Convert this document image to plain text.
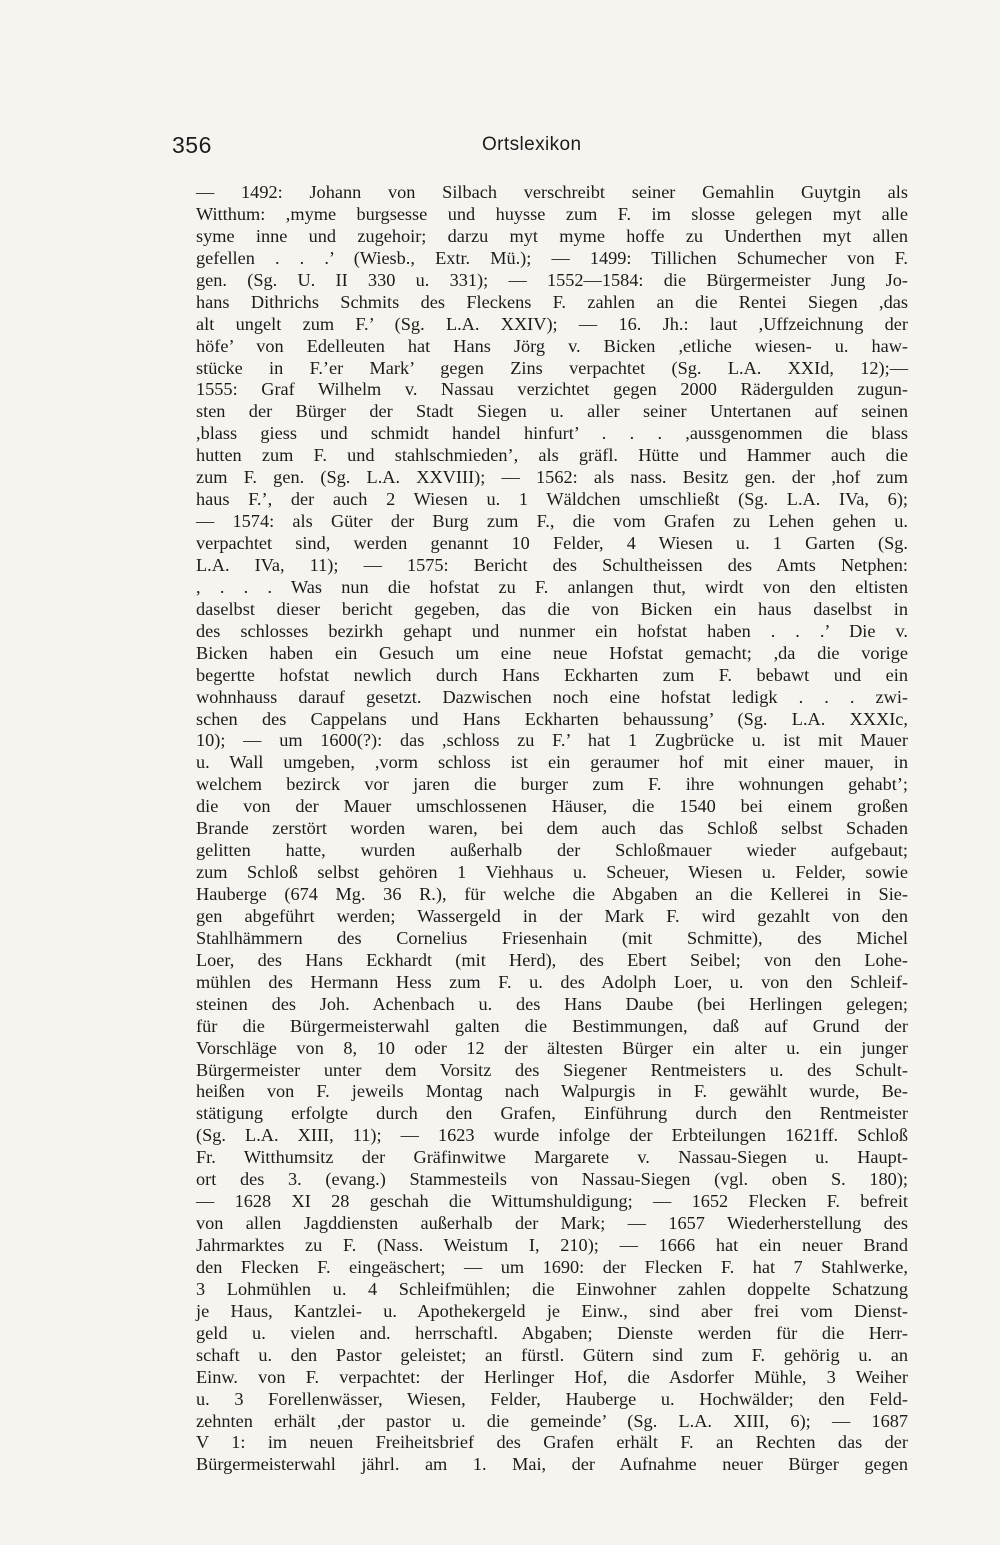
356	Ortslexikon
— 1492: Johann von Silbach verschreibt seiner Gemahlin Guytgin als
Witthum: ,myme burgsesse und huysse zum F. im slosse gelegen myt alle
syme inne und zugehoir; darzu myt myme hoffe zu Underthen myt allen
gefellen . . .’ (Wiesb., Extr. Mü.); — 1499: Tillichen Schumecher von F.
gen. (Sg. U. II 330 u. 331); — 1552—1584: die Bürgermeister Jung Jo-
hans Dithrichs Schmits des Fleckens F. zahlen an die Rentei Siegen ,das
alt ungelt zum F.’ (Sg. L.A. XXIV); — 16. Jh.: laut ,Uffzeichnung der
höfe’ von Edelleuten hat Hans Jörg v. Bicken ,etliche wiesen- u. haw-
stücke in F.’er Mark’ gegen Zins verpachtet (Sg. L.A. XXId, 12);—
1555: Graf Wilhelm v. Nassau verzichtet gegen 2000 Rädergulden zugun-
sten der Bürger der Stadt Siegen u. aller seiner Untertanen auf seinen
,blass giess und schmidt handel hinfurt’ . . . ,aussgenommen die blass
hutten zum F. und stahlschmieden’, als gräfl. Hütte und Hammer auch die
zum F. gen. (Sg. L.A. XXVIII); — 1562: als nass. Besitz gen. der ,hof zum
haus F.’, der auch 2 Wiesen u. 1 Wäldchen umschließt (Sg. L.A. IVa, 6);
— 1574: als Güter der Burg zum F., die vom Grafen zu Lehen gehen u.
verpachtet sind, werden genannt 10 Felder, 4 Wiesen u. 1 Garten (Sg.
L.A. IVa, 11); — 1575: Bericht des Schultheissen des Amts Netphen:
, . . . Was nun die hofstat zu F. anlangen thut, wirdt von den eltisten
daselbst dieser bericht gegeben, das die von Bicken ein haus daselbst in
des schlosses bezirkh gehapt und nunmer ein hofstat haben . . .’ Die v.
Bicken haben ein Gesuch um eine neue Hofstat gemacht; ,da die vorige
begertte hofstat newlich durch Hans Eckharten zum F. bebawt und ein
wohnhauss darauf gesetzt. Dazwischen noch eine hofstat ledigk . . . zwi-
schen des Cappelans und Hans Eckharten behaussung’ (Sg. L.A. XXXIc,
10); — um 1600(?): das ,schloss zu F.’ hat 1 Zugbrücke u. ist mit Mauer
u. Wall umgeben, ,vorm schloss ist ein geraumer hof mit einer mauer, in
welchem bezirck vor jaren die burger zum F. ihre wohnungen gehabt’;
die von der Mauer umschlossenen Häuser, die 1540 bei einem großen
Brande zerstört worden waren, bei dem auch das Schloß selbst Schaden
gelitten hatte, wurden außerhalb der Schloßmauer wieder aufgebaut;
zum Schloß selbst gehören 1 Viehhaus u. Scheuer, Wiesen u. Felder, sowie
Hauberge (674 Mg. 36 R.), für welche die Abgaben an die Kellerei in Sie-
gen abgeführt werden; Wassergeld in der Mark F. wird gezahlt von den
Stahlhämmern des Cornelius Friesenhain (mit Schmitte), des Michel
Loer, des Hans Eckhardt (mit Herd), des Ebert Seibel; von den Lohe-
mühlen des Hermann Hess zum F. u. des Adolph Loer, u. von den Schleif-
steinen des Joh. Achenbach u. des Hans Daube (bei Herlingen gelegen;
für die Bürgermeisterwahl galten die Bestimmungen, daß auf Grund der
Vorschläge von 8, 10 oder 12 der ältesten Bürger ein alter u. ein junger
Bürgermeister unter dem Vorsitz des Siegener Rentmeisters u. des Schult-
heißen von F. jeweils Montag nach Walpurgis in F. gewählt wurde, Be-
stätigung erfolgte durch den Grafen, Einführung durch den Rentmeister
(Sg. L.A. XIII, 11); — 1623 wurde infolge der Erbteilungen 1621ff. Schloß
Fr. Witthumsitz der Gräfinwitwe Margarete v. Nassau-Siegen u. Haupt-
ort des 3. (evang.) Stammesteils von Nassau-Siegen (vgl. oben S. 180);
— 1628 XI 28 geschah die Wittumshuldigung; — 1652 Flecken F. befreit
von allen Jagddiensten außerhalb der Mark; — 1657 Wiederherstellung des
Jahrmarktes zu F. (Nass. Weistum I, 210); — 1666 hat ein neuer Brand
den Flecken F. eingeäschert; — um 1690: der Flecken F. hat 7 Stahlwerke,
3 Lohmühlen u. 4 Schleifmühlen; die Einwohner zahlen doppelte Schatzung
je Haus, Kantzlei- u. Apothekergeld je Einw., sind aber frei vom Dienst-
geld u. vielen and. herrschaftl. Abgaben; Dienste werden für die Herr-
schaft u. den Pastor geleistet; an fürstl. Gütern sind zum F. gehörig u. an
Einw. von F. verpachtet: der Herlinger Hof, die Asdorfer Mühle, 3 Weiher
u. 3 Forellenwässer, Wiesen, Felder, Hauberge u. Hochwälder; den Feld-
zehnten erhält ,der pastor u. die gemeinde’ (Sg. L.A. XIII, 6); — 1687
V 1: im neuen Freiheitsbrief des Grafen erhält F. an Rechten das der
Bürgermeisterwahl jährl. am 1. Mai, der Aufnahme neuer Bürger gegen
